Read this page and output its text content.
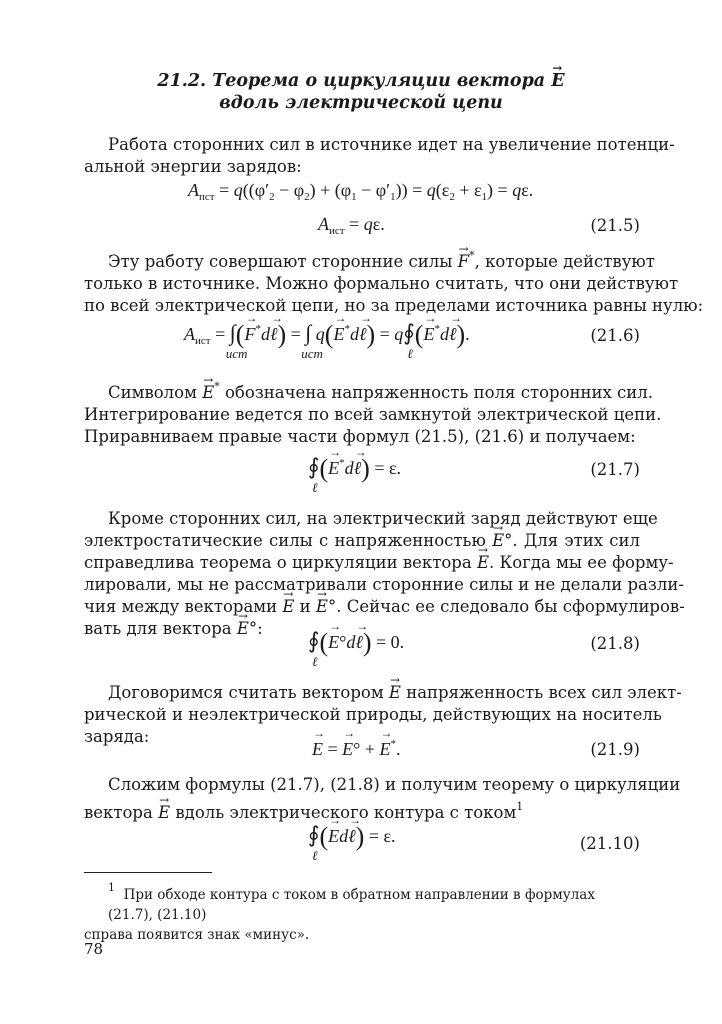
21.2. Теорема о циркуляции вектора → E
вдоль электрической цепи
Работа сторонних сил в источнике идет на увеличение потенци-
альной энергии зарядов:
$A_{пст} = q((\varphi'_2 - \varphi_2) + (\varphi_1 - \varphi'_1)) = q(\varepsilon_2 + \varepsilon_1) = q\varepsilon$.
$A_{ист} = q\varepsilon$.	(21.5)
Эту работу совершают сторонние силы → F*, которые действуют
только в источнике. Можно формально считать, что они действуют
по всей электрической цепи, но за пределами источника равны нулю:
$A_{ист}$ = ∫
ист
(→ F*d→ ℓ) = ∫
ист
q(→ E*d→ ℓ) = q∮
ℓ
(→ E*d→ ℓ).	(21.6)
Символом → E* обозначена напряженность поля сторонних сил.
Интегрирование ведется по всей замкнутой электрической цепи.
Приравниваем правые части формул (21.5), (21.6) и получаем:
∮
ℓ
(→ E*d→ ℓ) = ε.	(21.7)
Кроме сторонних сил, на электрический заряд действуют еще
электростатические силы с напряженностью → E°. Для этих сил
справедлива теорема о циркуляции вектора → E. Когда мы ее форму-
лировали, мы не рассматривали сторонние силы и не делали разли-
чия между векторами → E и → E°. Сейчас ее следовало бы сформулиров-
вать для вектора → E°:	∮
ℓ
(→ E°d→ ℓ) = 0.	(21.8)
Договоримся считать вектором → E напряженность всех сил элект-
рической и неэлектрической природы, действующих на носитель
заряда:
→ E = → E° + → E*.	(21.9)
Сложим формулы (21.7), (21.8) и получим теорему о циркуляции
вектора → E вдоль электрического контура с током$^1$
∮
ℓ
(→ Ed→ ℓ) = ε.	(21.10)
$^1$ При обходе контура с током в обратном направлении в формулах (21.7), (21.10)
справа появится знак «минус».
78
